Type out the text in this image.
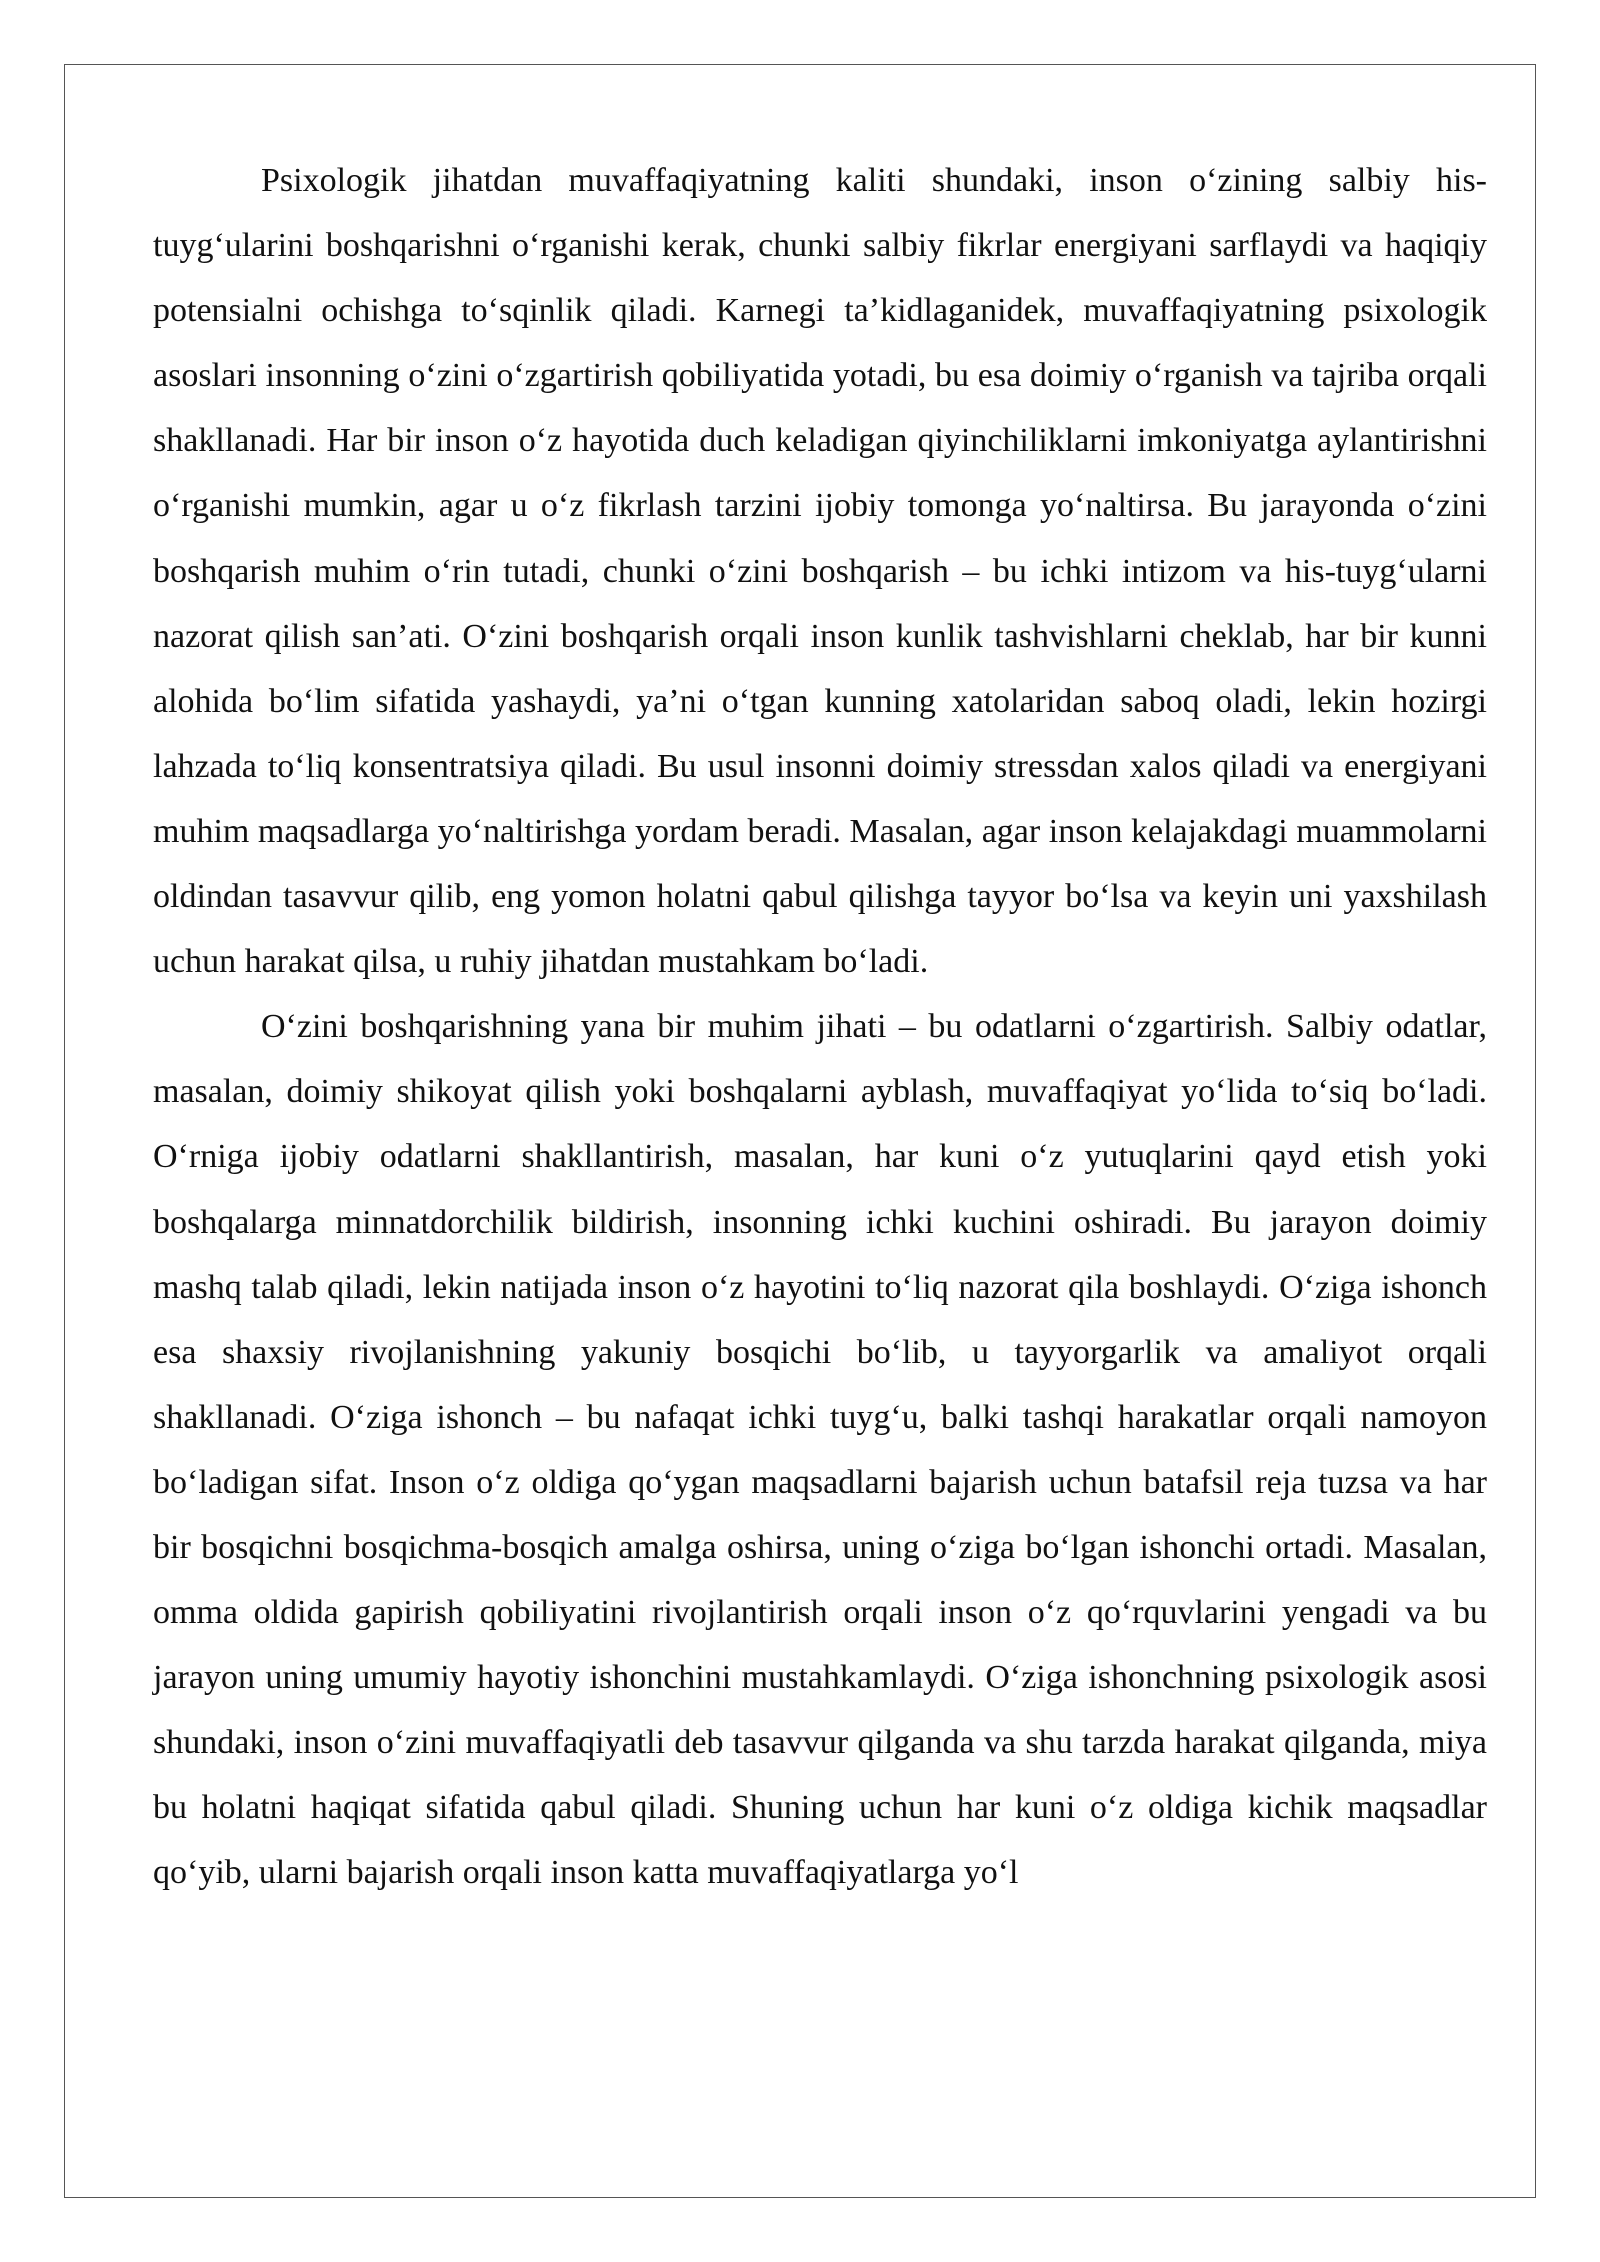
Psixologik jihatdan muvaffaqiyatning kaliti shundaki, inson o‘zining salbiy his-tuyg‘ularini boshqarishni o‘rganishi kerak, chunki salbiy fikrlar energiyani sarflaydi va haqiqiy potensialni ochishga to‘sqinlik qiladi. Karnegi ta’kidlaganidek, muvaffaqiyatning psixologik asoslari insonning o‘zini o‘zgartirish qobiliyatida yotadi, bu esa doimiy o‘rganish va tajriba orqali shakllanadi. Har bir inson o‘z hayotida duch keladigan qiyinchiliklarni imkoniyatga aylantirishni o‘rganishi mumkin, agar u o‘z fikrlash tarzini ijobiy tomonga yo‘naltirsa. Bu jarayonda o‘zini boshqarish muhim o‘rin tutadi, chunki o‘zini boshqarish – bu ichki intizom va his-tuyg‘ularni nazorat qilish san’ati. O‘zini boshqarish orqali inson kunlik tashvishlarni cheklab, har bir kunni alohida bo‘lim sifatida yashaydi, ya’ni o‘tgan kunning xatolaridan saboq oladi, lekin hozirgi lahzada to‘liq konsentratsiya qiladi. Bu usul insonni doimiy stressdan xalos qiladi va energiyani muhim maqsadlarga yo‘naltirishga yordam beradi. Masalan, agar inson kelajakdagi muammolarni oldindan tasavvur qilib, eng yomon holatni qabul qilishga tayyor bo‘lsa va keyin uni yaxshilash uchun harakat qilsa, u ruhiy jihatdan mustahkam bo‘ladi.

O‘zini boshqarishning yana bir muhim jihati – bu odatlarni o‘zgartirish. Salbiy odatlar, masalan, doimiy shikoyat qilish yoki boshqalarni ayblash, muvaffaqiyat yo‘lida to‘siq bo‘ladi. O‘rniga ijobiy odatlarni shakllantirish, masalan, har kuni o‘z yutuqlarini qayd etish yoki boshqalarga minnatdorchilik bildirish, insonning ichki kuchini oshiradi. Bu jarayon doimiy mashq talab qiladi, lekin natijada inson o‘z hayotini to‘liq nazorat qila boshlaydi. O‘ziga ishonch esa shaxsiy rivojlanishning yakuniy bosqichi bo‘lib, u tayyorgarlik va amaliyot orqali shakllanadi. O‘ziga ishonch – bu nafaqat ichki tuyg‘u, balki tashqi harakatlar orqali namoyon bo‘ladigan sifat. Inson o‘z oldiga qo‘ygan maqsadlarni bajarish uchun batafsil reja tuzsa va har bir bosqichni bosqichma-bosqich amalga oshirsa, uning o‘ziga bo‘lgan ishonchi ortadi. Masalan, omma oldida gapirish qobiliyatini rivojlantirish orqali inson o‘z qo‘rquvlarini yengadi va bu jarayon uning umumiy hayotiy ishonchini mustahkamlaydi. O‘ziga ishonchning psixologik asosi shundaki, inson o‘zini muvaffaqiyatli deb tasavvur qilganda va shu tarzda harakat qilganda, miya bu holatni haqiqat sifatida qabul qiladi. Shuning uchun har kuni o‘z oldiga kichik maqsadlar qo‘yib, ularni bajarish orqali inson katta muvaffaqiyatlarga yo‘l
